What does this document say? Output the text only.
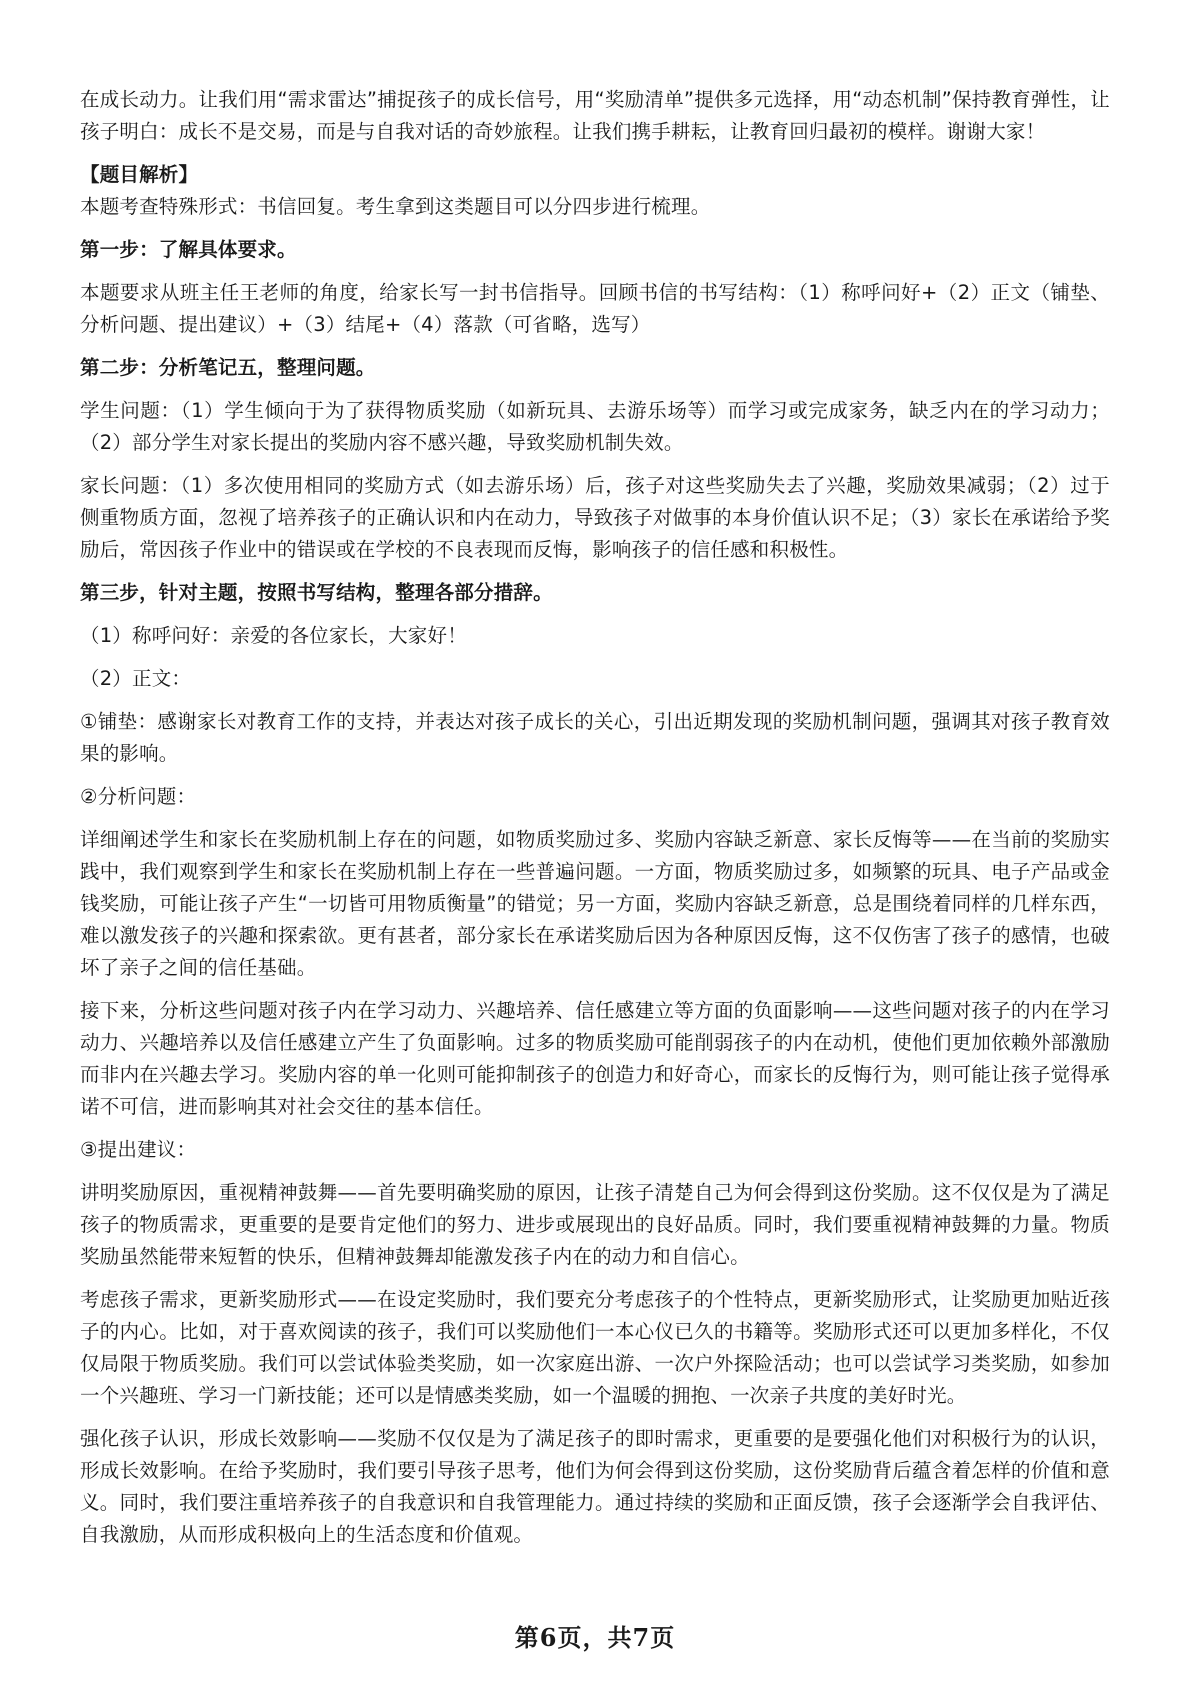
在成长动力。让我们用“需求雷达”捕捉孩子的成长信号，用“奖励清单”提供多元选择，用“动态机制”保持教育弹性，让孩子明白：成长不是交易，而是与自我对话的奇妙旅程。让我们携手耕耘，让教育回归最初的模样。谢谢大家！

【题目解析】

本题考查特殊形式：书信回复。考生拿到这类题目可以分四步进行梳理。

第一步：了解具体要求。

本题要求从班主任王老师的角度，给家长写一封书信指导。回顾书信的书写结构：（1）称呼问好+（2）正文（铺垫、分析问题、提出建议）+（3）结尾+（4）落款（可省略，选写）

第二步：分析笔记五，整理问题。

学生问题：（1）学生倾向于为了获得物质奖励（如新玩具、去游乐场等）而学习或完成家务，缺乏内在的学习动力；（2）部分学生对家长提出的奖励内容不感兴趣，导致奖励机制失效。

家长问题：（1）多次使用相同的奖励方式（如去游乐场）后，孩子对这些奖励失去了兴趣，奖励效果减弱；（2）过于侧重物质方面，忽视了培养孩子的正确认识和内在动力，导致孩子对做事的本身价值认识不足；（3）家长在承诺给予奖励后，常因孩子作业中的错误或在学校的不良表现而反悔，影响孩子的信任感和积极性。

第三步，针对主题，按照书写结构，整理各部分措辞。

（1）称呼问好：亲爱的各位家长，大家好！

（2）正文：

①铺垫：感谢家长对教育工作的支持，并表达对孩子成长的关心，引出近期发现的奖励机制问题，强调其对孩子教育效果的影响。

②分析问题：

详细阐述学生和家长在奖励机制上存在的问题，如物质奖励过多、奖励内容缺乏新意、家长反悔等——在当前的奖励实践中，我们观察到学生和家长在奖励机制上存在一些普遍问题。一方面，物质奖励过多，如频繁的玩具、电子产品或金钱奖励，可能让孩子产生“一切皆可用物质衡量”的错觉；另一方面，奖励内容缺乏新意，总是围绕着同样的几样东西，难以激发孩子的兴趣和探索欲。更有甚者，部分家长在承诺奖励后因为各种原因反悔，这不仅伤害了孩子的感情，也破坏了亲子之间的信任基础。

接下来，分析这些问题对孩子内在学习动力、兴趣培养、信任感建立等方面的负面影响——这些问题对孩子的内在学习动力、兴趣培养以及信任感建立产生了负面影响。过多的物质奖励可能削弱孩子的内在动机，使他们更加依赖外部激励而非内在兴趣去学习。奖励内容的单一化则可能抑制孩子的创造力和好奇心，而家长的反悔行为，则可能让孩子觉得承诺不可信，进而影响其对社会交往的基本信任。

③提出建议：

讲明奖励原因，重视精神鼓舞——首先要明确奖励的原因，让孩子清楚自己为何会得到这份奖励。这不仅仅是为了满足孩子的物质需求，更重要的是要肯定他们的努力、进步或展现出的良好品质。同时，我们要重视精神鼓舞的力量。物质奖励虽然能带来短暂的快乐，但精神鼓舞却能激发孩子内在的动力和自信心。

考虑孩子需求，更新奖励形式——在设定奖励时，我们要充分考虑孩子的个性特点，更新奖励形式，让奖励更加贴近孩子的内心。比如，对于喜欢阅读的孩子，我们可以奖励他们一本心仪已久的书籍等。奖励形式还可以更加多样化，不仅仅局限于物质奖励。我们可以尝试体验类奖励，如一次家庭出游、一次户外探险活动；也可以尝试学习类奖励，如参加一个兴趣班、学习一门新技能；还可以是情感类奖励，如一个温暖的拥抱、一次亲子共度的美好时光。

强化孩子认识，形成长效影响——奖励不仅仅是为了满足孩子的即时需求，更重要的是要强化他们对积极行为的认识，形成长效影响。在给予奖励时，我们要引导孩子思考，他们为何会得到这份奖励，这份奖励背后蕴含着怎样的价值和意义。同时，我们要注重培养孩子的自我意识和自我管理能力。通过持续的奖励和正面反馈，孩子会逐渐学会自我评估、自我激励，从而形成积极向上的生活态度和价值观。

第6页，共7页
